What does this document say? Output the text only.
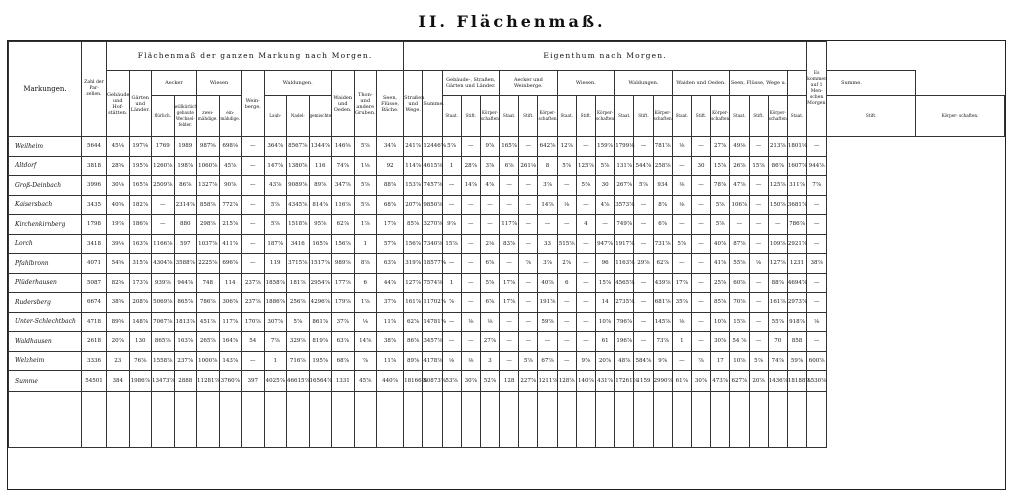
II. Flächenmaß.
Markungen.	Zahl der Par- zellen.	Flächenmaß der ganzen Markung nach Morgen.													Eigenthum nach Morgen.																					Es kommen auf 1 Men- schen Morgen.		
		Gebäude und Hof- stätten.	Gärten und Länder.	Aecker		Wiesen		Wein- berge.	Waldungen.			Waiden und Oeden.	Thon- und andere Gruben.	Seen, Flüsse, Bäche.	Straßen und Wege.	Summe.	Gebäude-, Straßen, Gärten und Länder.			Aecker und Weinberge.			Wiesen.			Waldungen.			Waiden und Oeden.			Seen, Flüsse, Wege u.			Summe.			
				flürlich.	willkürlich gebaute Wechsel- felder.	zwei- mähdige.	ein- mähdige.		Laub-	Nadel-	gemischte						Staat.	Stift.	Körper- schaften.	Staat.	Stift.	Körper- schaften.	Staat.	Stift.	Körper- schaften.	Staat.	Stift.	Körper- schaften.	Staat.	Stift.	Körper- schaften.	Staat.	Stift.	Körper- schaften.	Staat.		Stift.	Körper- schaften.
Weilheim	5644	45⅛	197⅛	1769	1989	987⅝	698⅛	—	364⅞	8567⅞	1344⅞	146⅜	5⅞	34⅞	241⅞	12446⅞	5⅞	—	9⅞	165⅞	—	642⅞	12⅞	—	159⅞	1799⅛	—	781⅞	⅛	—	27⅞	49⅛	—	213⅞	1801⅛	—		
Altdorf	3818	28⅝	195⅞	1260⅞	198⅞	1060⅞	45⅞	—	147⅞	1380⅞	116	74⅞	1⅛	92	114⅞	4615⅞	1	28⅞	3⅞	6⅞	261⅛	8	5⅞	125⅞	5⅞	131⅞	544⅞	258⅞	—	30	15⅞	26⅞	15⅞	86⅞	1607⅞	944⅞		
Groß-Deinbach	3996	30⅛	165⅞	2509⅞	86⅞	1327⅞	90⅞	—	43⅞	9089⅞	89⅞	347⅞	5⅞	88⅞	153⅞	7457⅞	—	14⅞	4⅞	—	—	3⅞	—	5⅞	30	267⅞	5⅞	934	⅛	—	78⅞	47⅞	—	125⅞	311⅞	7⅞		
Kaisersbach	3435	40⅝	182⅞	—	2314⅞	858⅞	772⅞	—	5⅞	4345⅞	814⅞	116⅞	5⅞	68⅞	207⅞	9850⅞	—	—	—	—	—	14⅞	⅛	—	4⅞	3573⅞	—	8⅞	⅛	—	5⅞	106⅞	—	150⅞	3681⅞	—		
Kirchenkirnberg	1798	19⅞	186⅞	—	880	298⅞	215⅞	—	5⅞	1518⅞	95⅞	62⅞	1⅞	17⅞	85⅞	3270⅞	9⅞	—	—	117⅞	—	—	—	4	—	749⅞	—	6⅞	—	—	5⅞	—	—	—	786⅞	—		
Lorch	3418	39⅛	163⅞	1166⅞	597	1037⅞	411⅞	—	187⅞	3416	165⅞	156⅞	1	57⅞	156⅞	7340⅞	15⅞	—	2⅛	83⅞	—	33	515⅞	—	947⅞	1917⅞	—	731⅞	5⅞	—	40⅞	87⅞	—	109⅞	2921⅞	—		
Pfahlbronn	4071	54⅝	315⅞	4304⅞	3588⅞	2225⅞	696⅞	—	119	3715⅞	1517⅞	989⅞	8⅞	63⅞	319⅞	18577⅞	—	—	6⅞	—	⅞	3⅞	2⅞	—	96	1163⅞	29⅞	62⅞	—	—	41⅞	55⅞	⅛	127⅞	1231	38⅞		
Plüderhausen	5087	82⅝	173⅞	939⅞	944⅞	748	114	237⅞	1858⅞	181⅞	2954⅞	177⅞	6	44⅞	127⅞	7574⅞	1	—	5⅞	17⅞	—	40⅞	6	—	15⅞	4565⅞	—	439⅞	17⅞	—	25⅞	60⅞	—	88⅞	4694⅞	—		
Rudersberg	6674	38⅝	208⅞	5069⅞	865⅞	786⅞	306⅞	237⅞	1886⅞	256⅞	4296⅞	179⅞	1⅞	37⅞	161⅞	11702⅞	⅞	—	6⅞	17⅞	—	191⅞	—	—	14	2735⅞	—	681⅞	35⅞	—	85⅞	70⅞	—	161⅞	2973⅞	—		
Unter-Schlechtbach	4718	89⅝	148⅞	7067⅞	1813⅞	451⅞	117⅞	170⅞	307⅞	5⅞	861⅞	37⅞	⅛	11⅞	62⅞	14781⅞	—	⅛	⅛	—	—	59⅞	—	—	10⅞	796⅞	—	145⅞	⅛	—	10⅞	15⅞	—	55⅞	918⅞	⅛		
Waldhausen	2618	20⅞	130	865⅞	163⅞	265⅞	164⅞	54	7⅞	329⅞	819⅞	63⅞	14⅞	38⅞	86⅞	3457⅞	—	—	27⅞	—	—	—	—	—	61	196⅞	—	73⅞	1	—	30⅞	54 ⅞	—	70	858	—		
Welzheim	3336	23	76⅞	1558⅞	237⅞	1000⅞	143⅞	—	1	716⅞	195⅞	68⅞	⅞	11⅞	89⅞	4178⅞	⅛	⅛	3	—	5⅞	67⅞	—	9⅞	20⅞	48⅞	584⅞	9⅞	—	⅞	17	10⅞	5⅞	74⅞	59⅞	600⅞		
Summe	54501	384	1986⅞	13473⅞	2888	11281⅞	3760⅞	397	4025⅞	46615⅞	16564⅞	1331	45⅞	440⅞	18166⅞	80873⅞	53⅞	30⅞	52⅞	128	227⅞	1211⅞	128⅞	140⅞	431⅞	17261⅞	1159	2990⅞	61⅞	30⅞	473⅞	627⅞	20⅞	1436⅞	18188⅞	1530⅞		
